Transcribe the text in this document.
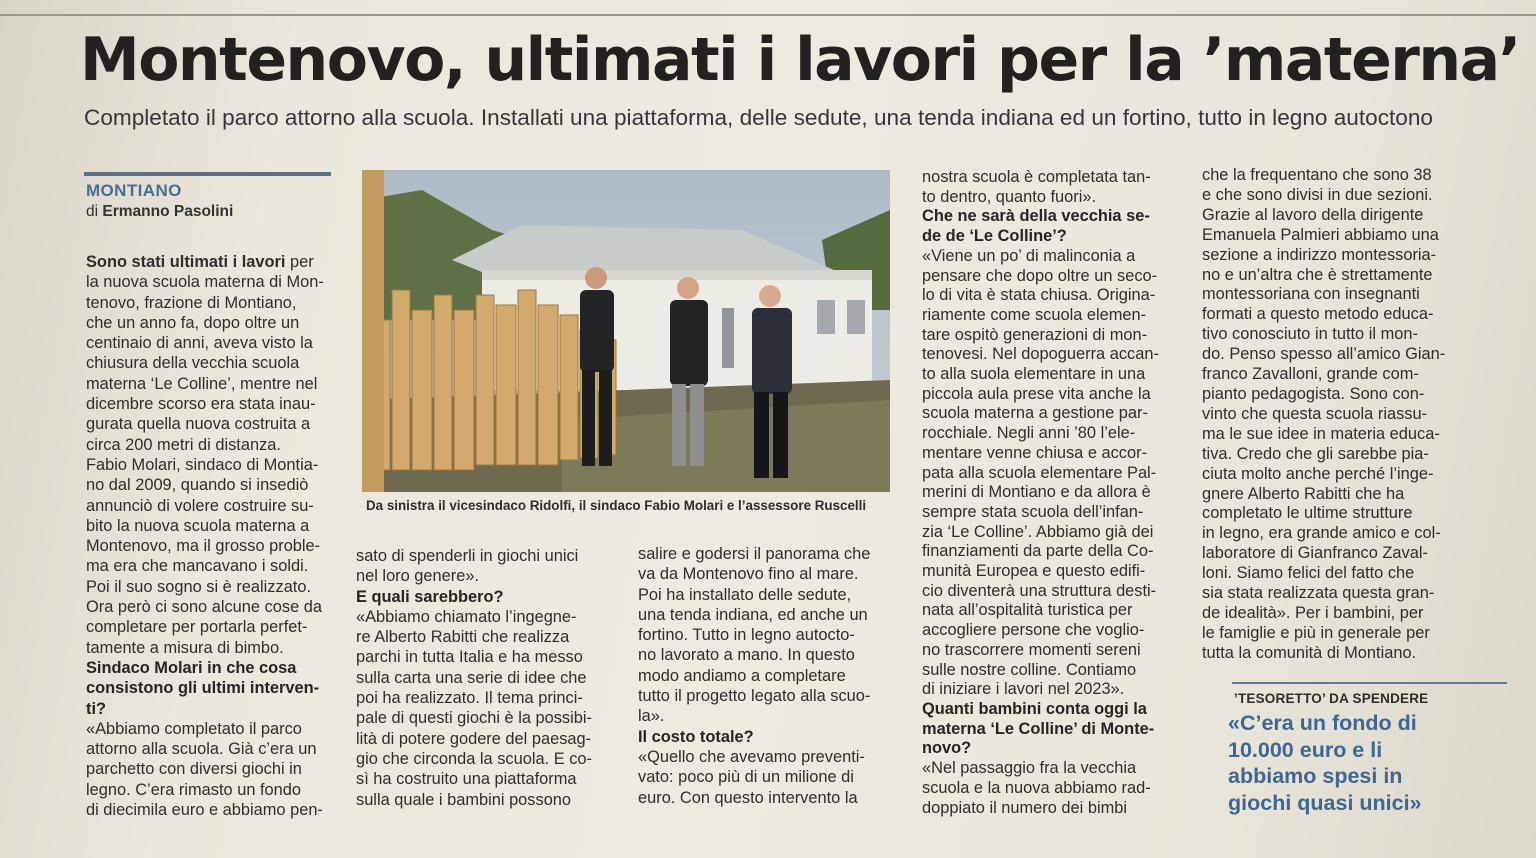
Montenovo, ultimati i lavori per la ’materna’
Completato il parco attorno alla scuola. Installati una piattaforma, delle sedute, una tenda indiana ed un fortino, tutto in legno autoctono
MONTIANO
di Ermanno Pasolini

Sono stati ultimati i lavori per

la nuova scuola materna di Mon-
tenovo, frazione di Montiano,
che un anno fa, dopo oltre un
centinaio di anni, aveva visto la
chiusura della vecchia scuola
materna ‘Le Colline’, mentre nel
dicembre scorso era stata inau-
gurata quella nuova costruita a
circa 200 metri di distanza.
Fabio Molari, sindaco di Montia-
no dal 2009, quando si insediò
annunciò di volere costruire su-
bito la nuova scuola materna a
Montenovo, ma il grosso proble-
ma era che mancavano i soldi.
Poi il suo sogno si è realizzato.
Ora però ci sono alcune cose da
completare per portarla perfet-
tamente a misura di bimbo.
Sindaco Molari in che cosa
consistono gli ultimi interven-
ti?
«Abbiamo completato il parco
attorno alla scuola. Già c’era un
parchetto con diversi giochi in
legno. C’era rimasto un fondo
di diecimila euro e abbiamo pen-
Da sinistra il vicesindaco Ridolfi, il sindaco Fabio Molari e l’assessore Ruscelli
sato di spenderli in giochi unici
nel loro genere».
E quali sarebbero?
«Abbiamo chiamato l’ingegne-
re Alberto Rabitti che realizza
parchi in tutta Italia e ha messo
sulla carta una serie di idee che
poi ha realizzato. Il tema princi-
pale di questi giochi è la possibi-
lità di potere godere del paesag-
gio che circonda la scuola. E co-
sì ha costruito una piattaforma
sulla quale i bambini possono
salire e godersi il panorama che
va da Montenovo fino al mare.
Poi ha installato delle sedute,
una tenda indiana, ed anche un
fortino. Tutto in legno autocto-
no lavorato a mano. In questo
modo andiamo a completare
tutto il progetto legato alla scuo-
la».
Il costo totale?
«Quello che avevamo preventi-
vato: poco più di un milione di
euro. Con questo intervento la
nostra scuola è completata tan-
to dentro, quanto fuori».
Che ne sarà della vecchia se-
de de ‘Le Colline’?
«Viene un po’ di malinconia a
pensare che dopo oltre un seco-
lo di vita è stata chiusa. Origina-
riamente come scuola elemen-
tare ospitò generazioni di mon-
tenovesi. Nel dopoguerra accan-
to alla suola elementare in una
piccola aula prese vita anche la
scuola materna a gestione par-
rocchiale. Negli anni ’80 l’ele-
mentare venne chiusa e accor-
pata alla scuola elementare Pal-
merini di Montiano e da allora è
sempre stata scuola dell’infan-
zia ‘Le Colline’. Abbiamo già dei
finanziamenti da parte della Co-
munità Europea e questo edifi-
cio diventerà una struttura desti-
nata all’ospitalità turistica per
accogliere persone che voglio-
no trascorrere momenti sereni
sulle nostre colline. Contiamo
di iniziare i lavori nel 2023».
Quanti bambini conta oggi la
materna ‘Le Colline’ di Monte-
novo?
«Nel passaggio fra la vecchia
scuola e la nuova abbiamo rad-
doppiato il numero dei bimbi
che la frequentano che sono 38
e che sono divisi in due sezioni.
Grazie al lavoro della dirigente
Emanuela Palmieri abbiamo una
sezione a indirizzo montessoria-
no e un’altra che è strettamente
montessoriana con insegnanti
formati a questo metodo educa-
tivo conosciuto in tutto il mon-
do. Penso spesso all’amico Gian-
franco Zavalloni, grande com-
pianto pedagogista. Sono con-
vinto che questa scuola riassu-
ma le sue idee in materia educa-
tiva. Credo che gli sarebbe pia-
ciuta molto anche perché l’inge-
gnere Alberto Rabitti che ha
completato le ultime strutture
in legno, era grande amico e col-
laboratore di Gianfranco Zaval-
loni. Siamo felici del fatto che
sia stata realizzata questa gran-
de idealità». Per i bambini, per
le famiglie e più in generale per
tutta la comunità di Montiano.
’TESORETTO’ DA SPENDERE
«C’era un fondo di
10.000 euro e li
abbiamo spesi in
giochi quasi unici»
